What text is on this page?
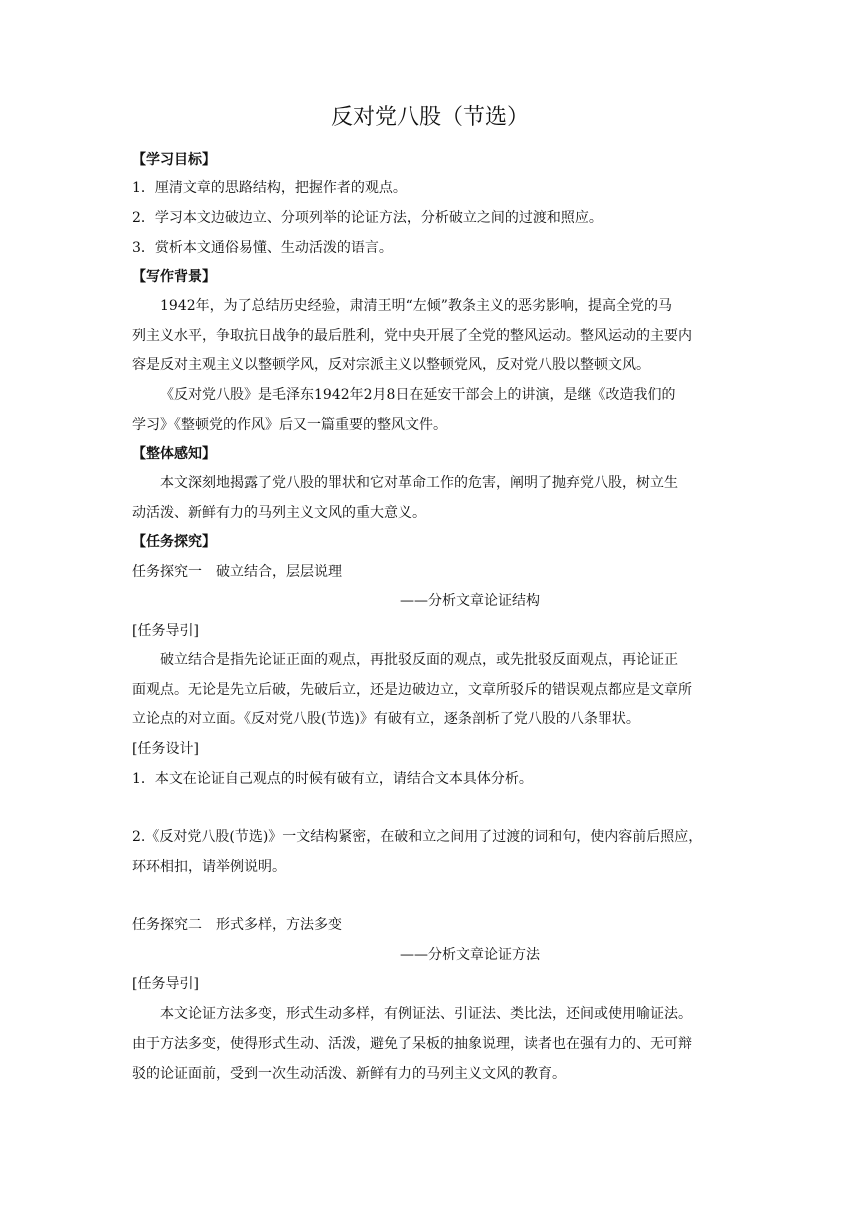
反对党八股（节选）
【学习目标】
1．厘清文章的思路结构，把握作者的观点。
2．学习本文边破边立、分项列举的论证方法，分析破立之间的过渡和照应。
3．赏析本文通俗易懂、生动活泼的语言。
【写作背景】
1942年，为了总结历史经验，肃清王明“左倾”教条主义的恶劣影响，提高全党的马
列主义水平，争取抗日战争的最后胜利，党中央开展了全党的整风运动。整风运动的主要内
容是反对主观主义以整顿学风，反对宗派主义以整顿党风，反对党八股以整顿文风。
《反对党八股》是毛泽东1942年2月8日在延安干部会上的讲演，是继《改造我们的
学习》《整顿党的作风》后又一篇重要的整风文件。
【整体感知】
本文深刻地揭露了党八股的罪状和它对革命工作的危害，阐明了抛弃党八股，树立生
动活泼、新鲜有力的马列主义文风的重大意义。
【任务探究】
任务探究一　破立结合，层层说理
——分析文章论证结构
[任务导引]
破立结合是指先论证正面的观点，再批驳反面的观点，或先批驳反面观点，再论证正
面观点。无论是先立后破，先破后立，还是边破边立，文章所驳斥的错误观点都应是文章所
立论点的对立面。《反对党八股(节选)》有破有立，逐条剖析了党八股的八条罪状。
[任务设计]
1．本文在论证自己观点的时候有破有立，请结合文本具体分析。
2.《反对党八股(节选)》一文结构紧密，在破和立之间用了过渡的词和句，使内容前后照应，
环环相扣，请举例说明。
任务探究二　形式多样，方法多变
——分析文章论证方法
[任务导引]
本文论证方法多变，形式生动多样，有例证法、引证法、类比法，还间或使用喻证法。
由于方法多变，使得形式生动、活泼，避免了呆板的抽象说理，读者也在强有力的、无可辩
驳的论证面前，受到一次生动活泼、新鲜有力的马列主义文风的教育。
